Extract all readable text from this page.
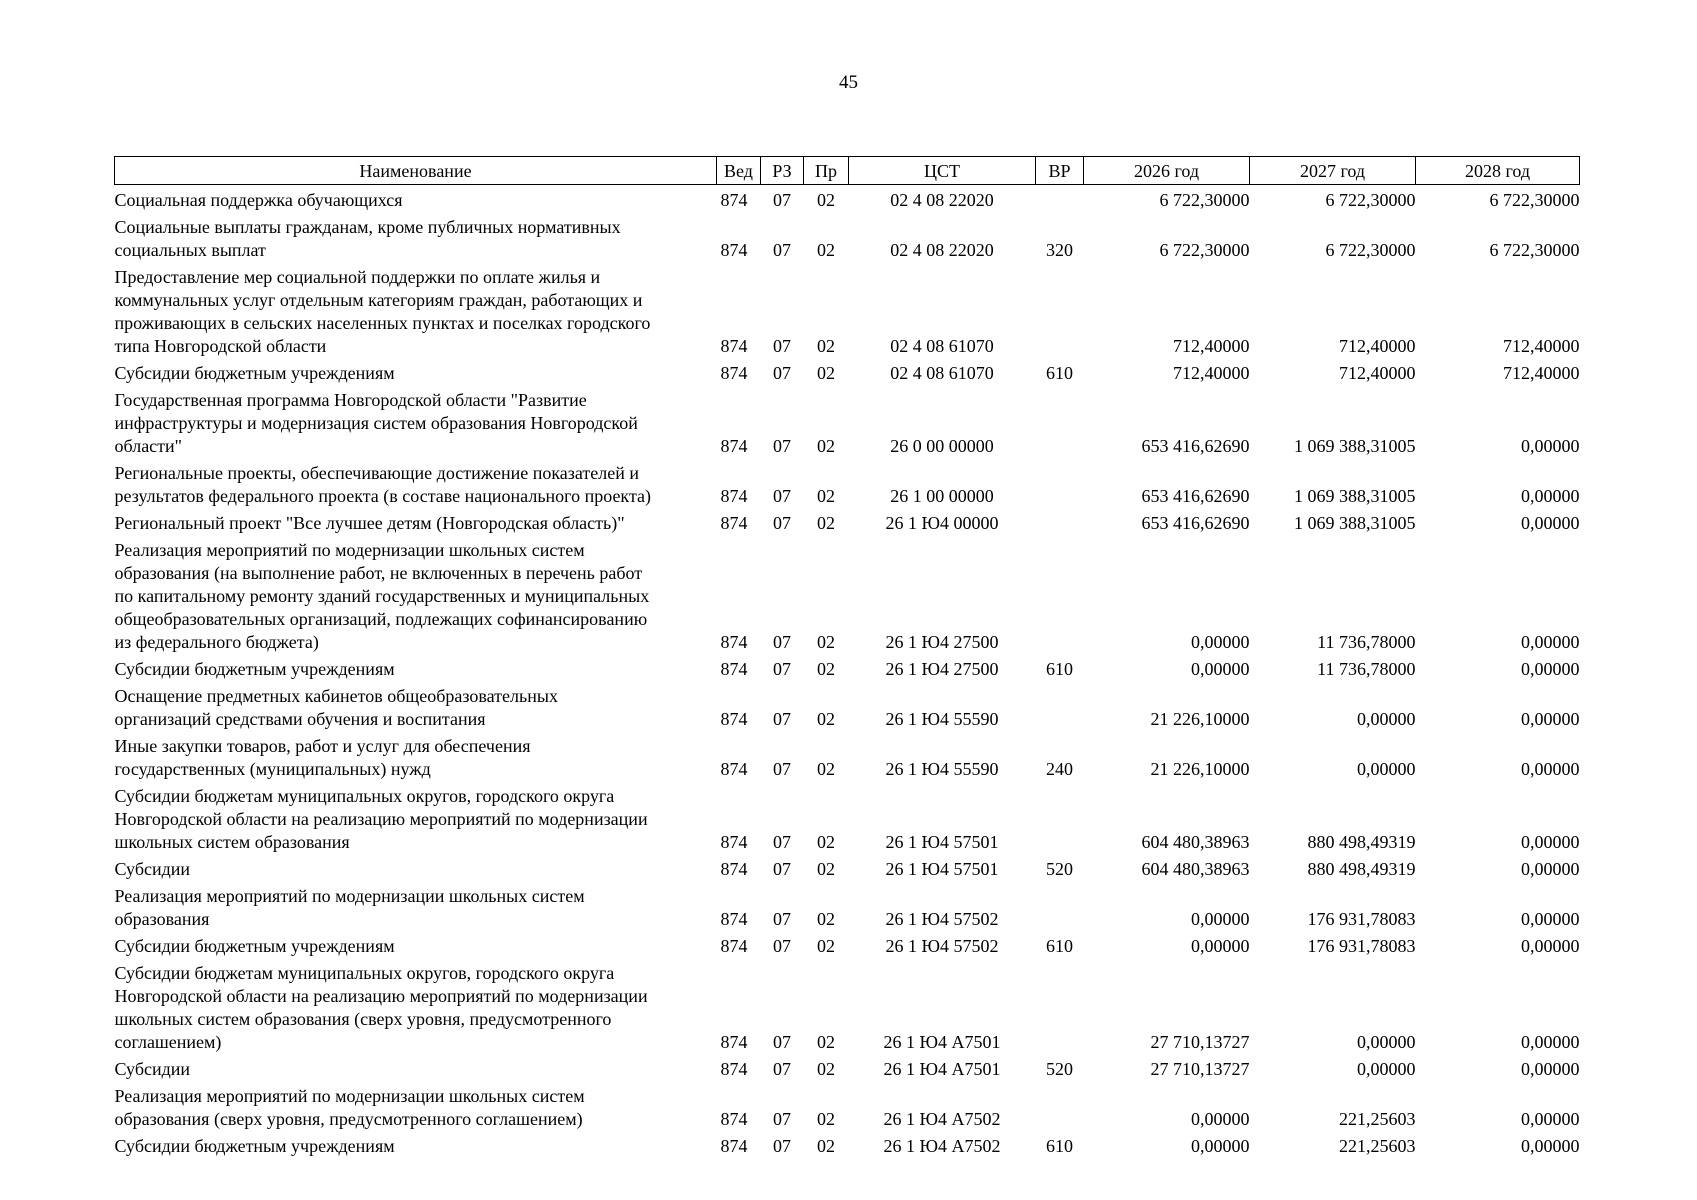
45
Наименование	Вед	РЗ	Пр	ЦСТ	ВР	2026 год	2027 год	2028 год
Социальная поддержка обучающихся	874	07	02	02 4 08 22020		6 722,30000	6 722,30000	6 722,30000
Социальные выплаты гражданам, кроме публичных нормативных
социальных выплат	874	07	02	02 4 08 22020	320	6 722,30000	6 722,30000	6 722,30000
Предоставление мер социальной поддержки по оплате жилья и
коммунальных услуг отдельным категориям граждан, работающих и
проживающих в сельских населенных пунктах и поселках городского
типа Новгородской области	874	07	02	02 4 08 61070		712,40000	712,40000	712,40000
Субсидии бюджетным учреждениям	874	07	02	02 4 08 61070	610	712,40000	712,40000	712,40000
Государственная программа Новгородской области "Развитие
инфраструктуры и модернизация систем образования Новгородской
области"	874	07	02	26 0 00 00000		653 416,62690	1 069 388,31005	0,00000
Региональные проекты, обеспечивающие достижение показателей и
результатов федерального проекта (в составе национального проекта)	874	07	02	26 1 00 00000		653 416,62690	1 069 388,31005	0,00000
Региональный проект "Все лучшее детям (Новгородская область)"	874	07	02	26 1 Ю4 00000		653 416,62690	1 069 388,31005	0,00000
Реализация мероприятий по модернизации школьных систем
образования (на выполнение работ, не включенных в перечень работ
по капитальному ремонту зданий государственных и муниципальных
общеобразовательных организаций, подлежащих софинансированию
из федерального бюджета)	874	07	02	26 1 Ю4 27500		0,00000	11 736,78000	0,00000
Субсидии бюджетным учреждениям	874	07	02	26 1 Ю4 27500	610	0,00000	11 736,78000	0,00000
Оснащение предметных кабинетов общеобразовательных
организаций средствами обучения и воспитания	874	07	02	26 1 Ю4 55590		21 226,10000	0,00000	0,00000
Иные закупки товаров, работ и услуг для обеспечения
государственных (муниципальных) нужд	874	07	02	26 1 Ю4 55590	240	21 226,10000	0,00000	0,00000
Субсидии бюджетам муниципальных округов, городского округа
Новгородской области на реализацию мероприятий по модернизации
школьных систем образования	874	07	02	26 1 Ю4 57501		604 480,38963	880 498,49319	0,00000
Субсидии	874	07	02	26 1 Ю4 57501	520	604 480,38963	880 498,49319	0,00000
Реализация мероприятий по модернизации школьных систем
образования	874	07	02	26 1 Ю4 57502		0,00000	176 931,78083	0,00000
Субсидии бюджетным учреждениям	874	07	02	26 1 Ю4 57502	610	0,00000	176 931,78083	0,00000
Субсидии бюджетам муниципальных округов, городского округа
Новгородской области на реализацию мероприятий по модернизации
школьных систем образования (сверх уровня, предусмотренного
соглашением)	874	07	02	26 1 Ю4 А7501		27 710,13727	0,00000	0,00000
Субсидии	874	07	02	26 1 Ю4 А7501	520	27 710,13727	0,00000	0,00000
Реализация мероприятий по модернизации школьных систем
образования (сверх уровня, предусмотренного соглашением)	874	07	02	26 1 Ю4 А7502		0,00000	221,25603	0,00000
Субсидии бюджетным учреждениям	874	07	02	26 1 Ю4 А7502	610	0,00000	221,25603	0,00000
